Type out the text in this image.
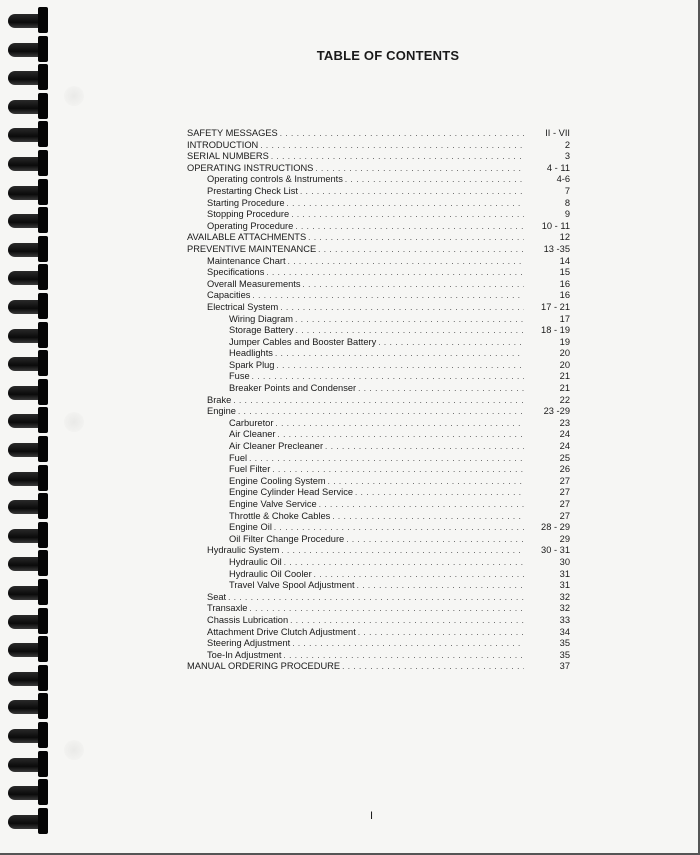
TABLE OF CONTENTS
SAFETY MESSAGES . . .	II - VII
INTRODUCTION . . .	2
SERIAL NUMBERS . . .	3
OPERATING INSTRUCTIONS . . .	4 - 11
Operating controls & Instruments . . .	4-6
Prestarting Check List . . .	7
Starting Procedure . . .	8
Stopping Procedure . . .	9
Operating Procedure . . .	10 - 11
AVAILABLE ATTACHMENTS . . .	12
PREVENTIVE MAINTENANCE . . .	13 -35
Maintenance Chart . . .	14
Specifications . . .	15
Overall Measurements . . .	16
Capacities . . .	16
Electrical System . . .	17 - 21
Wiring Diagram . . .	17
Storage Battery . . .	18 - 19
Jumper Cables and Booster Battery . . .	19
Headlights . . .	20
Spark Plug . . .	20
Fuse . . .	21
Breaker Points and Condenser . . .	21
Brake . . .	22
Engine . . .	23 -29
Carburetor . . .	23
Air Cleaner . . .	24
Air Cleaner Precleaner . . .	24
Fuel . . .	25
Fuel Filter . . .	26
Engine Cooling System . . .	27
Engine Cylinder Head Service . . .	27
Engine Valve Service . . .	27
Throttle & Choke Cables . . .	27
Engine Oil . . .	28 - 29
Oil Filter Change Procedure . . .	29
Hydraulic System . . .	30 - 31
Hydraulic Oil . . .	30
Hydraulic Oil Cooler . . .	31
Travel Valve Spool Adjustment . . .	31
Seat . . .	32
Transaxle . . .	32
Chassis Lubrication . . .	33
Attachment Drive Clutch Adjustment . . .	34
Steering Adjustment . . .	35
Toe-In Adjustment . . .	35
MANUAL ORDERING PROCEDURE . . .	37
I
